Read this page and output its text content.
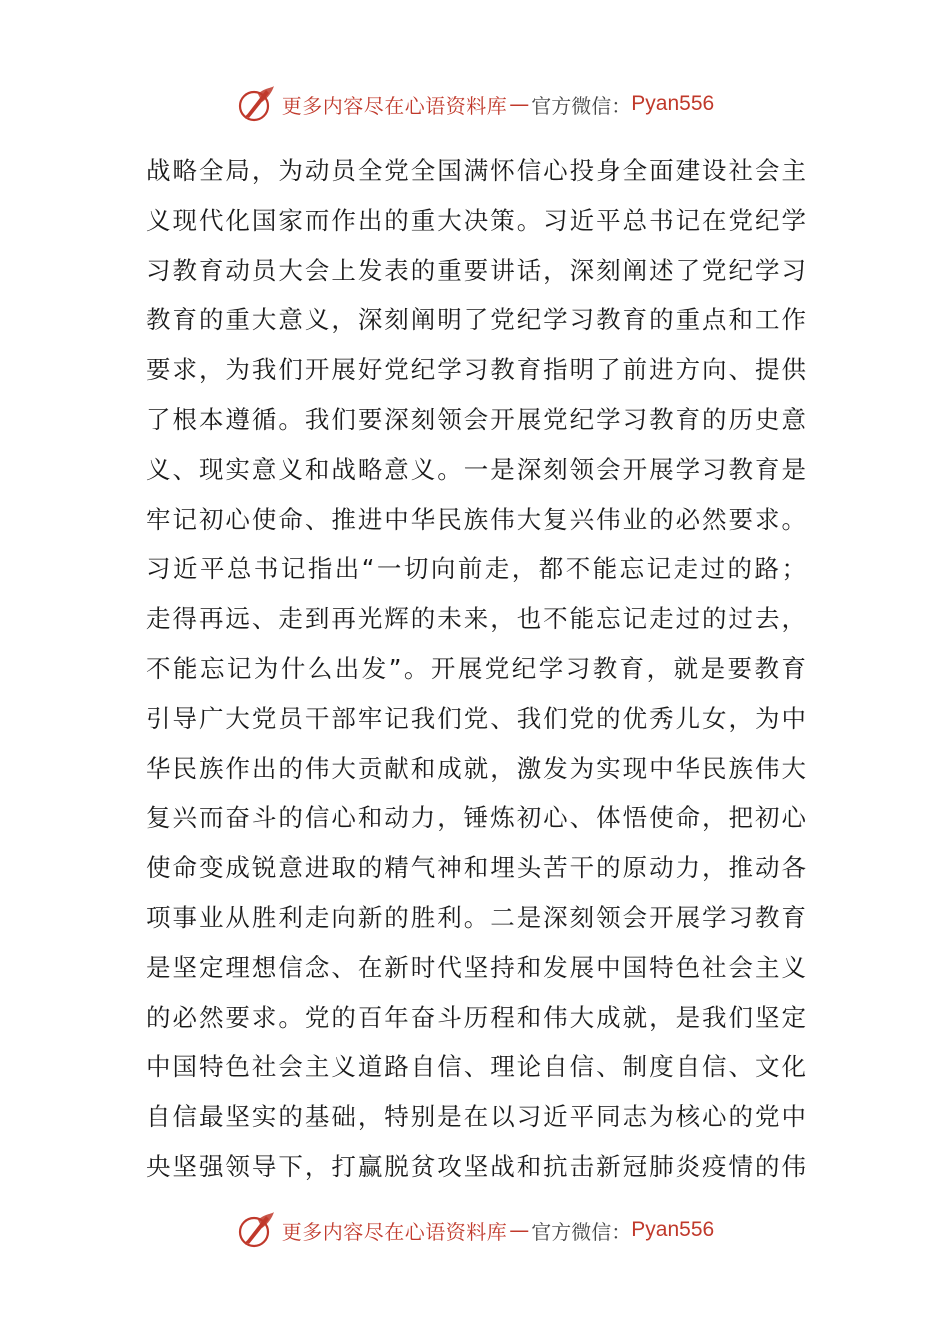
更多内容尽在心语资料库 — 官方微信： Pyan556
战略全局，为动员全党全国满怀信心投身全面建设社会主
义现代化国家而作出的重大决策。习近平总书记在党纪学
习教育动员大会上发表的重要讲话，深刻阐述了党纪学习
教育的重大意义，深刻阐明了党纪学习教育的重点和工作
要求，为我们开展好党纪学习教育指明了前进方向、提供
了根本遵循。我们要深刻领会开展党纪学习教育的历史意
义、现实意义和战略意义。一是深刻领会开展学习教育是
牢记初心使命、推进中华民族伟大复兴伟业的必然要求。
习近平总书记指出“一切向前走，都不能忘记走过的路；
走得再远、走到再光辉的未来，也不能忘记走过的过去，
不能忘记为什么出发”。开展党纪学习教育，就是要教育
引导广大党员干部牢记我们党、我们党的优秀儿女，为中
华民族作出的伟大贡献和成就，激发为实现中华民族伟大
复兴而奋斗的信心和动力，锤炼初心、体悟使命，把初心
使命变成锐意进取的精气神和埋头苦干的原动力，推动各
项事业从胜利走向新的胜利。二是深刻领会开展学习教育
是坚定理想信念、在新时代坚持和发展中国特色社会主义
的必然要求。党的百年奋斗历程和伟大成就，是我们坚定
中国特色社会主义道路自信、理论自信、制度自信、文化
自信最坚实的基础，特别是在以习近平同志为核心的党中
央坚强领导下，打赢脱贫攻坚战和抗击新冠肺炎疫情的伟
更多内容尽在心语资料库 — 官方微信： Pyan556
